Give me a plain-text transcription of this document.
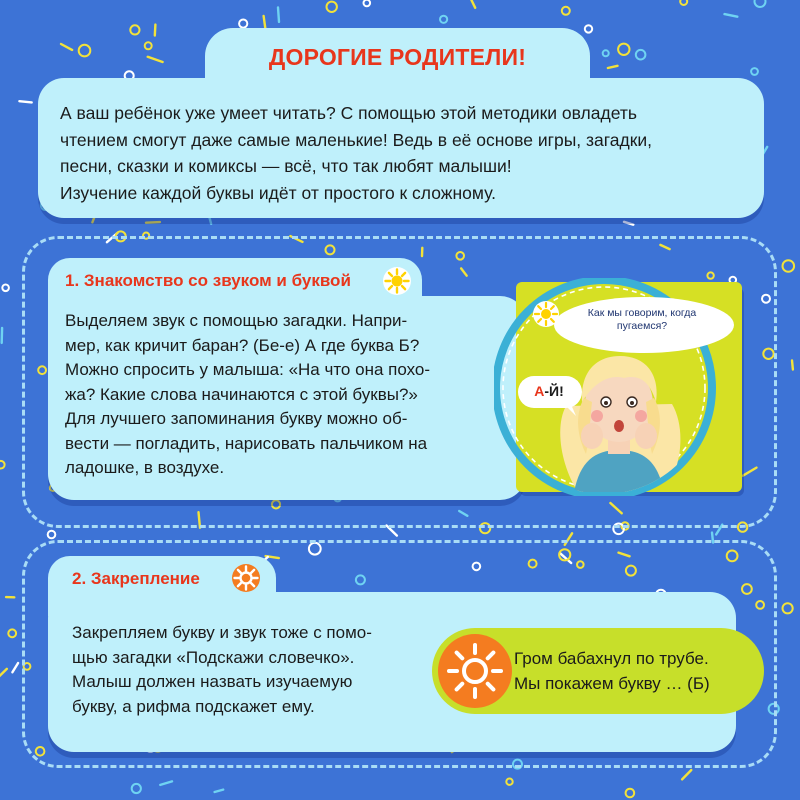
ДОРОГИЕ РОДИТЕЛИ!
А ваш ребёнок уже умеет читать? С помощью этой методики овладеть
чтением смогут даже самые маленькие! Ведь в её основе игры, загадки,
песни, сказки и комиксы — всё, что так любят малыши!
Изучение каждой буквы идёт от простого к сложному.
1. Знакомство со звуком и буквой
Выделяем звук с помощью загадки. Напри-
мер, как кричит баран? (Бе-е) А где буква Б?
Можно спросить у малыша: «На что она похо-
жа? Какие слова начинаются с этой буквы?»
Для лучшего запоминания букву можно об-
вести — погладить, нарисовать пальчиком на
ладошке, в воздухе.
Как мы говорим, когда пугаемся?
А-Й!
2. Закрепление
Закрепляем букву и звук тоже с помо-
щью загадки «Подскажи словечко».
Малыш должен назвать изучаемую
букву, а рифма подскажет ему.
Гром бабахнул по трубе.
Мы покажем букву … (Б)
